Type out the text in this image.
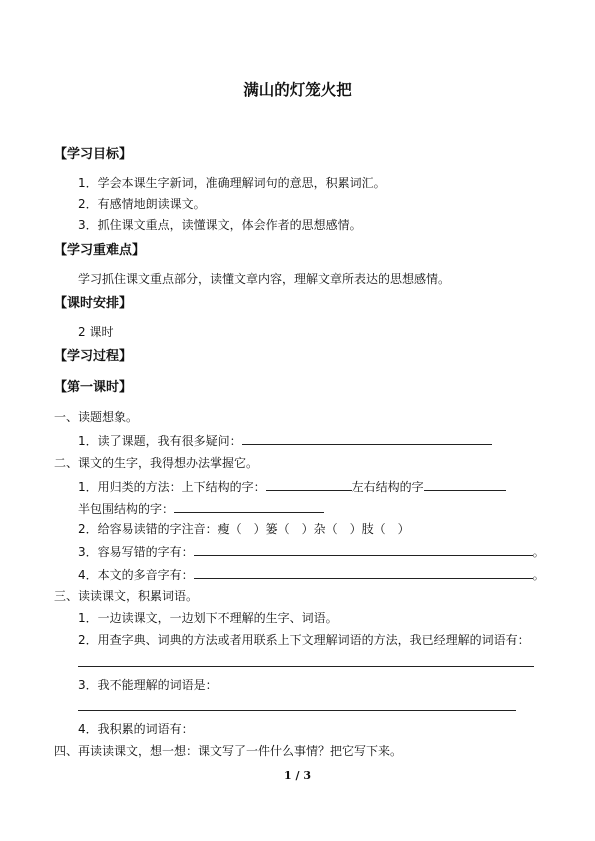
满山的灯笼火把
【学习目标】
1．学会本课生字新词，准确理解词句的意思，积累词汇。
2．有感情地朗读课文。
3．抓住课文重点，读懂课文，体会作者的思想感情。
【学习重难点】
学习抓住课文重点部分，读懂文章内容，理解文章所表达的思想感情。
【课时安排】
2 课时
【学习过程】
【第一课时】
一、读题想象。
1．读了课题，我有很多疑问：
二、课文的生字，我得想办法掌握它。
1．用归类的方法：上下结构的字：	左右结构的字
半包围结构的字：
2．给容易读错的字注音：瘦（　）篓（　）杂（　）肢（　）
3．容易写错的字有：	。
4．本文的多音字有：	。
三、读读课文，积累词语。
1．一边读课文，一边划下不理解的生字、词语。
2．用查字典、词典的方法或者用联系上下文理解词语的方法，我已经理解的词语有：
3．我不能理解的词语是：
4．我积累的词语有：
四、再读读课文，想一想：课文写了一件什么事情？把它写下来。
1 / 3
